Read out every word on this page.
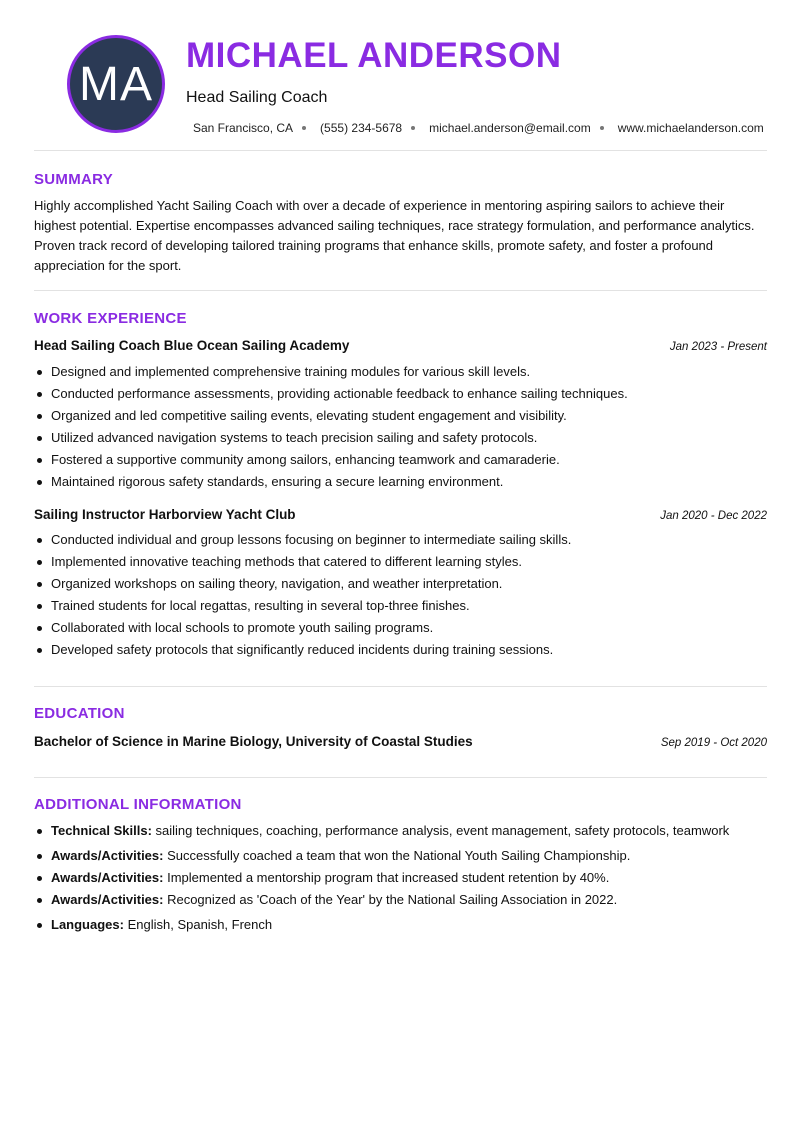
MA
MICHAEL ANDERSON
Head Sailing Coach
San Francisco, CA (555) 234-5678 michael.anderson@email.com www.michaelanderson.com
SUMMARY
Highly accomplished Yacht Sailing Coach with over a decade of experience in mentoring aspiring sailors to achieve their highest potential. Expertise encompasses advanced sailing techniques, race strategy formulation, and performance analytics. Proven track record of developing tailored training programs that enhance skills, promote safety, and foster a profound appreciation for the sport.
WORK EXPERIENCE
Head Sailing Coach Blue Ocean Sailing Academy	Jan 2023 - Present
Designed and implemented comprehensive training modules for various skill levels.
Conducted performance assessments, providing actionable feedback to enhance sailing techniques.
Organized and led competitive sailing events, elevating student engagement and visibility.
Utilized advanced navigation systems to teach precision sailing and safety protocols.
Fostered a supportive community among sailors, enhancing teamwork and camaraderie.
Maintained rigorous safety standards, ensuring a secure learning environment.
Sailing Instructor Harborview Yacht Club	Jan 2020 - Dec 2022
Conducted individual and group lessons focusing on beginner to intermediate sailing skills.
Implemented innovative teaching methods that catered to different learning styles.
Organized workshops on sailing theory, navigation, and weather interpretation.
Trained students for local regattas, resulting in several top-three finishes.
Collaborated with local schools to promote youth sailing programs.
Developed safety protocols that significantly reduced incidents during training sessions.
EDUCATION
Bachelor of Science in Marine Biology, University of Coastal Studies	Sep 2019 - Oct 2020
ADDITIONAL INFORMATION
Technical Skills: sailing techniques, coaching, performance analysis, event management, safety protocols, teamwork
Awards/Activities: Successfully coached a team that won the National Youth Sailing Championship.
Awards/Activities: Implemented a mentorship program that increased student retention by 40%.
Awards/Activities: Recognized as 'Coach of the Year' by the National Sailing Association in 2022.
Languages: English, Spanish, French
